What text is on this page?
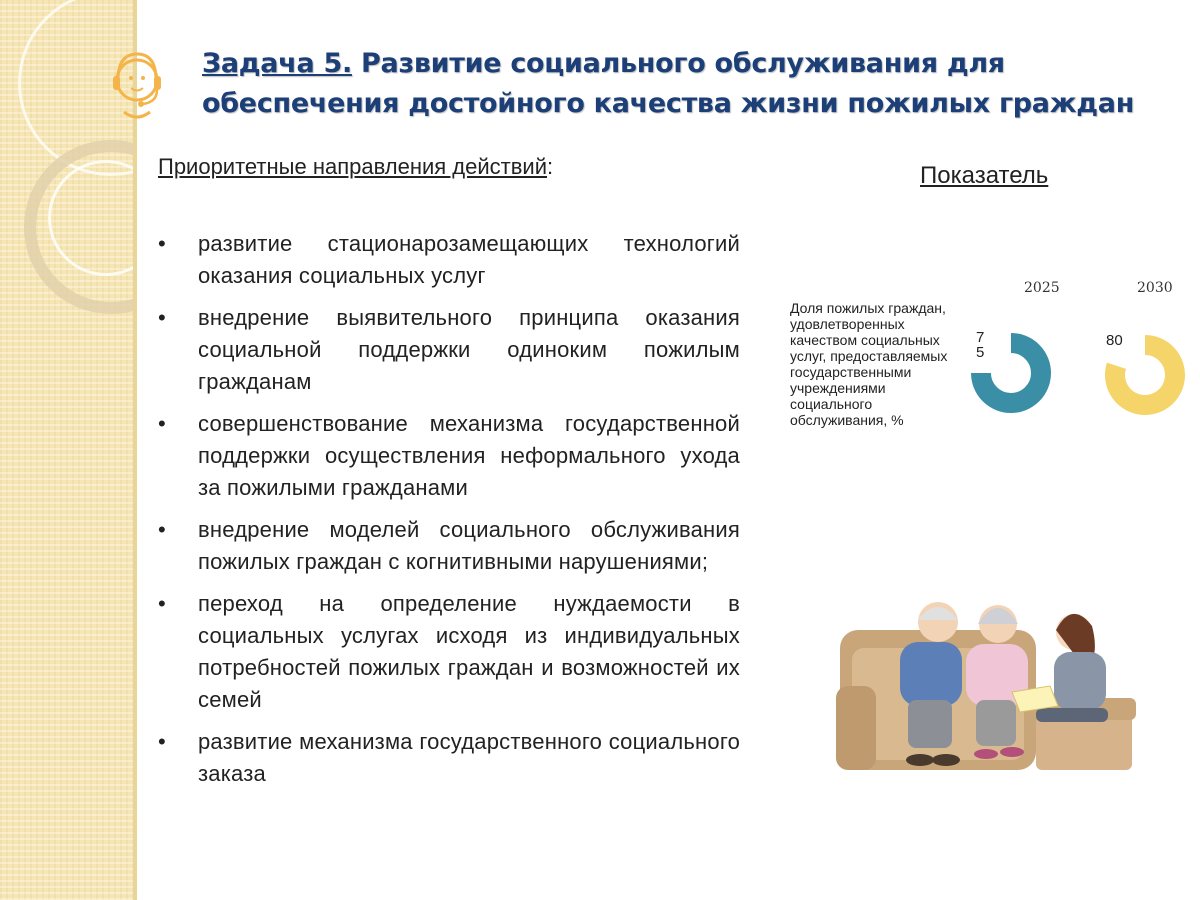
Задача 5. Развитие социального обслуживания для обеспечения достойного качества жизни пожилых граждан
Приоритетные направления действий:
• развитие стационарозамещающих технологий оказания социальных услуг
• внедрение выявительного принципа оказания социальной поддержки одиноким пожилым гражданам
• совершенствование механизма государственной поддержки осуществления неформального ухода за пожилыми гражданами
• внедрение моделей социального обслуживания пожилых граждан с когнитивными нарушениями;
• переход на определение нуждаемости в социальных услугах исходя из индивидуальных потребностей пожилых граждан и возможностей их семей
• развитие механизма государственного социального заказа
Показатель
2025	2030
Доля пожилых граждан, удовлетворенных качеством социальных услуг, предоставляемых государственными учреждениями социального обслуживания, %
75
80
